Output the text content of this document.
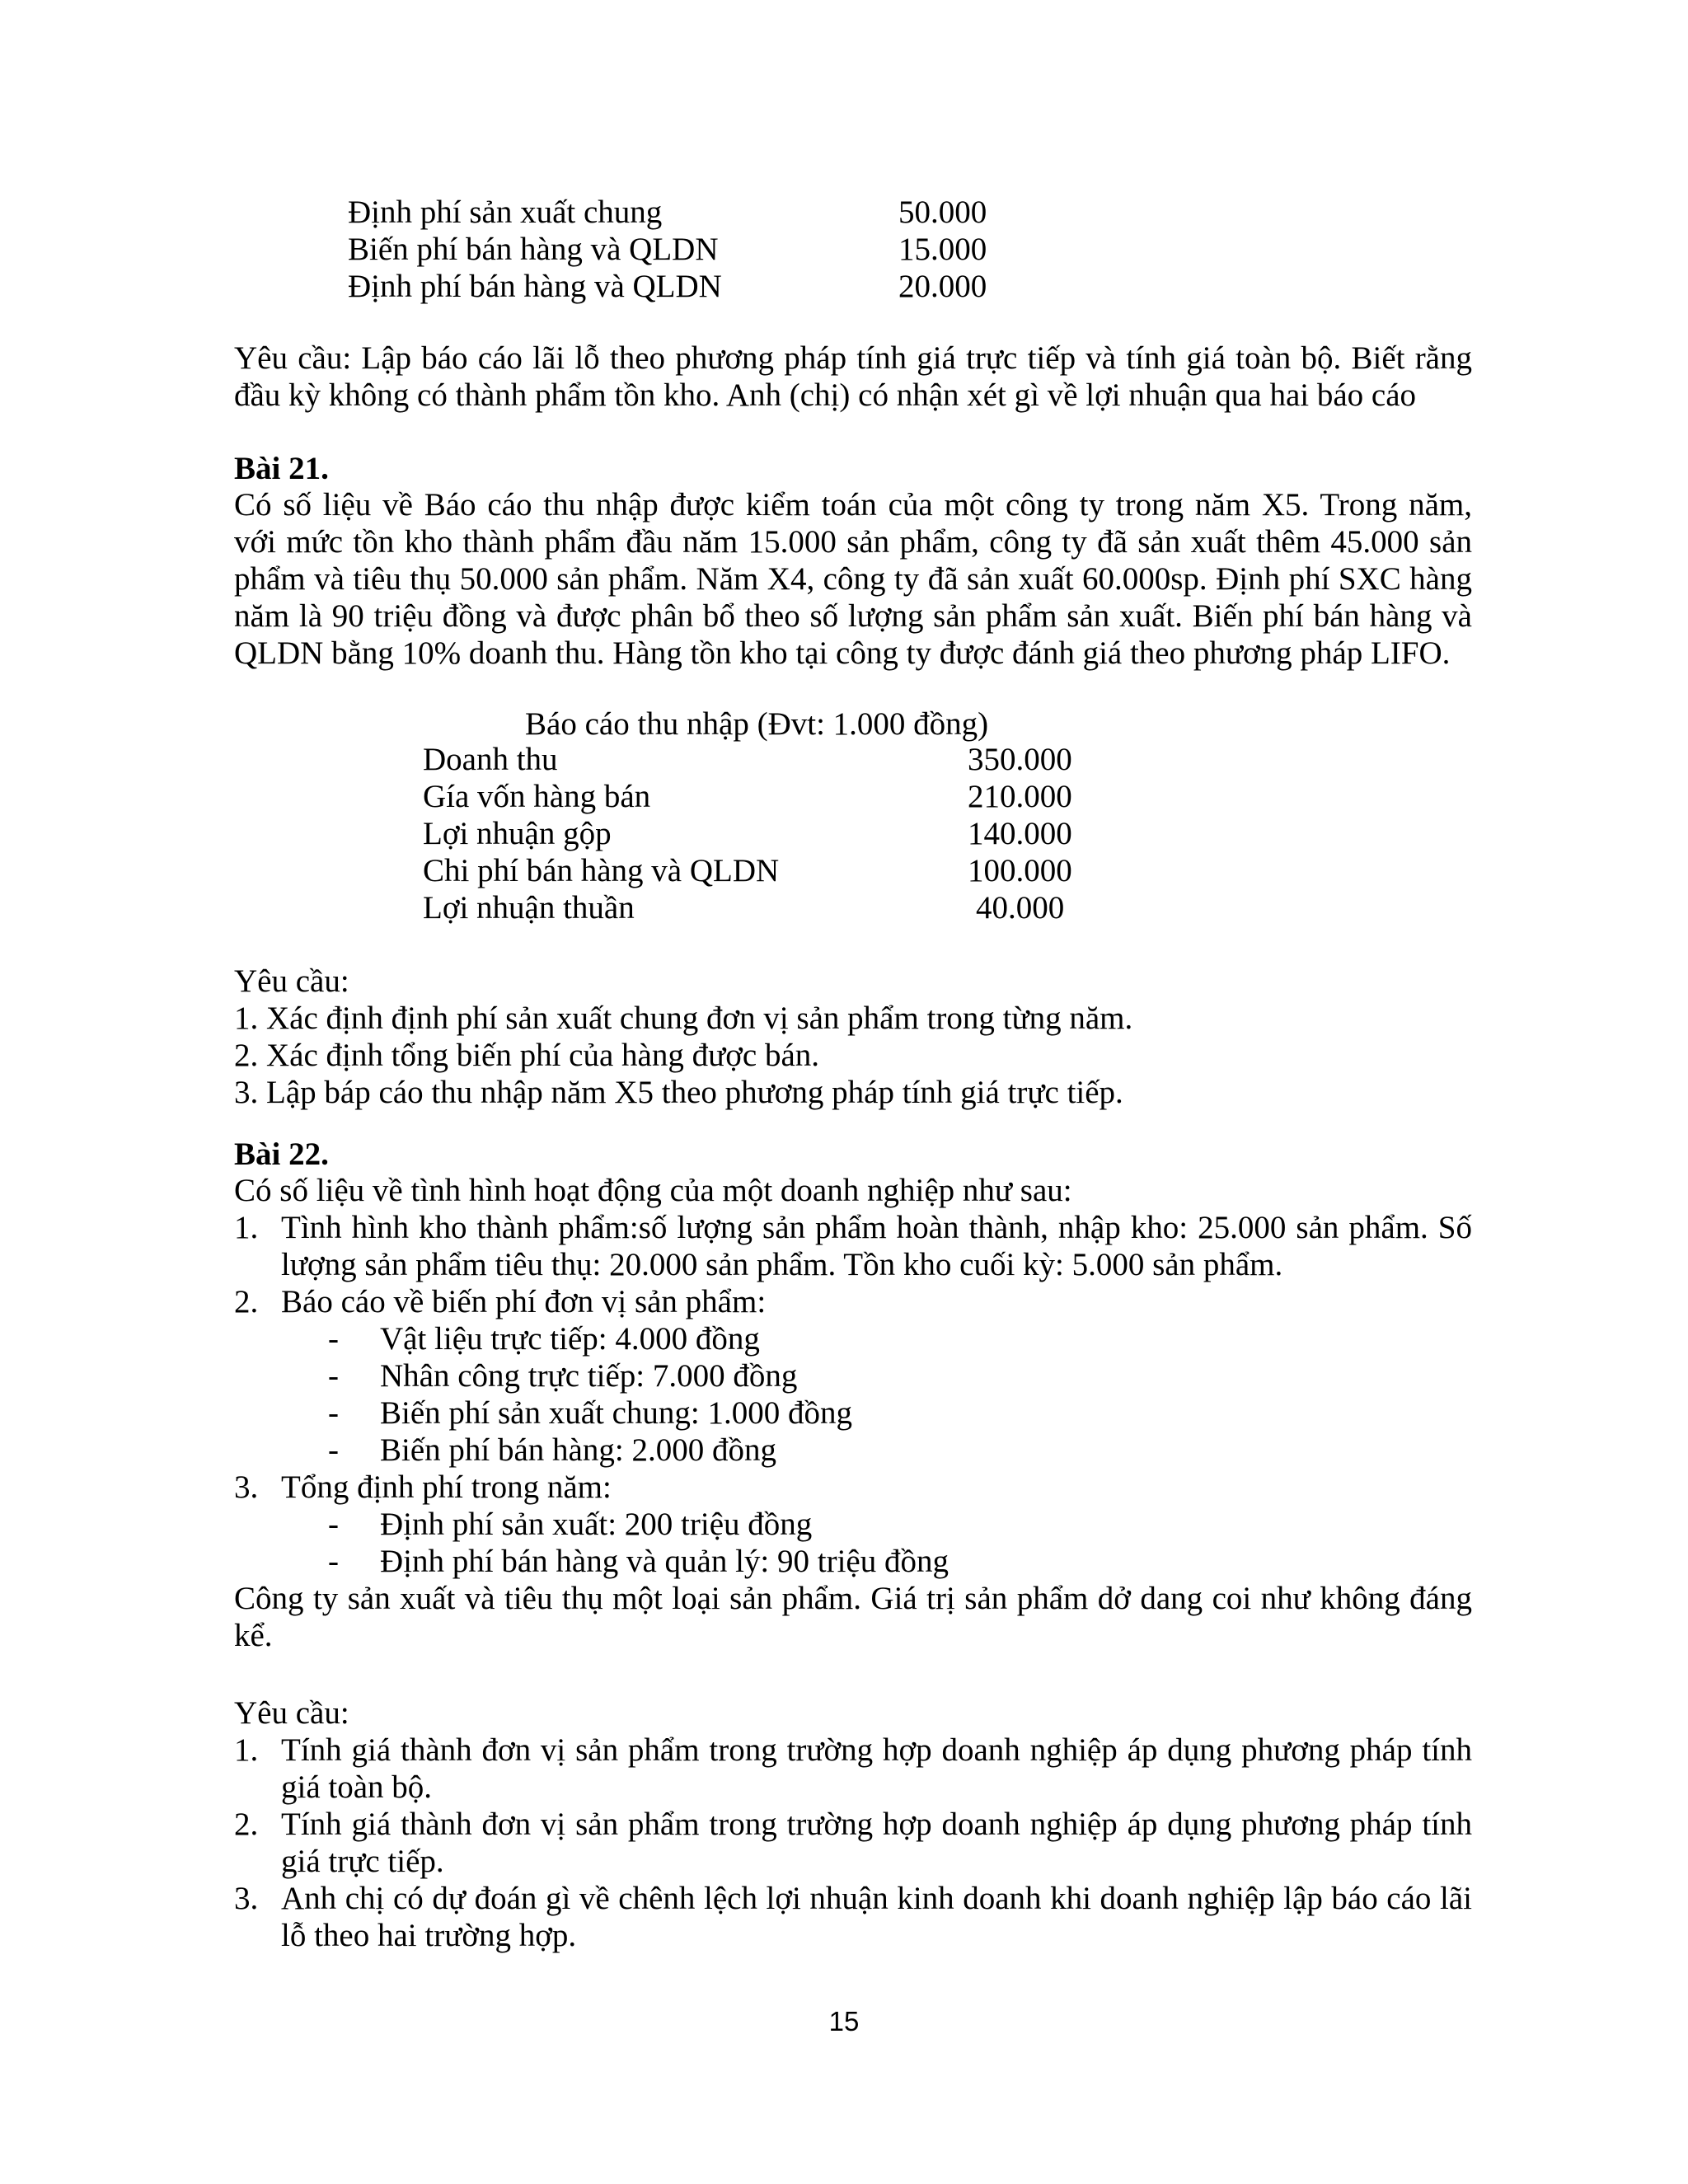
Định phí sản xuất chung	50.000
Biến phí bán hàng và QLDN	15.000
Định phí bán hàng và QLDN	20.000
Yêu cầu: Lập báo cáo lãi lỗ theo phương pháp tính giá trực tiếp và tính giá toàn bộ. Biết rằng
đầu kỳ không có thành phẩm tồn kho. Anh (chị) có nhận xét gì về lợi nhuận qua hai báo cáo
Bài 21.
Có số liệu về Báo cáo thu nhập được kiểm toán của một công ty trong năm X5. Trong năm,
với mức tồn kho thành phẩm đầu năm 15.000 sản phẩm, công ty đã sản xuất thêm 45.000 sản
phẩm và tiêu thụ 50.000 sản phẩm. Năm X4, công ty đã sản xuất 60.000sp. Định phí SXC hàng
năm là 90 triệu đồng và được phân bổ theo số lượng sản phẩm sản xuất. Biến phí bán hàng và
QLDN bằng 10% doanh thu. Hàng tồn kho tại công ty được đánh giá theo phương pháp LIFO.
Báo cáo thu nhập (Đvt: 1.000 đồng)
Doanh thu	350.000
Gía vốn hàng bán	210.000
Lợi nhuận gộp	140.000
Chi phí bán hàng và QLDN	100.000
Lợi nhuận thuần	40.000
Yêu cầu:
1. Xác định định phí sản xuất chung đơn vị sản phẩm trong từng năm.
2. Xác định tổng biến phí của hàng được bán.
3. Lập báp cáo thu nhập năm X5 theo phương pháp tính giá trực tiếp.
Bài 22.
Có số liệu về tình hình hoạt động của một doanh nghiệp như sau:
1. Tình hình kho thành phẩm:số lượng sản phẩm hoàn thành, nhập kho: 25.000 sản phẩm. Số
lượng sản phẩm tiêu thụ: 20.000 sản phẩm. Tồn kho cuối kỳ: 5.000 sản phẩm.
2. Báo cáo về biến phí đơn vị sản phẩm:
- Vật liệu trực tiếp: 4.000 đồng
- Nhân công trực tiếp: 7.000 đồng
- Biến phí sản xuất chung: 1.000 đồng
- Biến phí bán hàng: 2.000 đồng
3. Tổng định phí trong năm:
- Định phí sản xuất: 200 triệu đồng
- Định phí bán hàng và quản lý: 90 triệu đồng
Công ty sản xuất và tiêu thụ một loại sản phẩm. Giá trị sản phẩm dở dang coi như không đáng
kể.
Yêu cầu:
1. Tính giá thành đơn vị sản phẩm trong trường hợp doanh nghiệp áp dụng phương pháp tính
giá toàn bộ.
2. Tính giá thành đơn vị sản phẩm trong trường hợp doanh nghiệp áp dụng phương pháp tính
giá trực tiếp.
3. Anh chị có dự đoán gì về chênh lệch lợi nhuận kinh doanh khi doanh nghiệp lập báo cáo lãi
lỗ theo hai trường hợp.
15
